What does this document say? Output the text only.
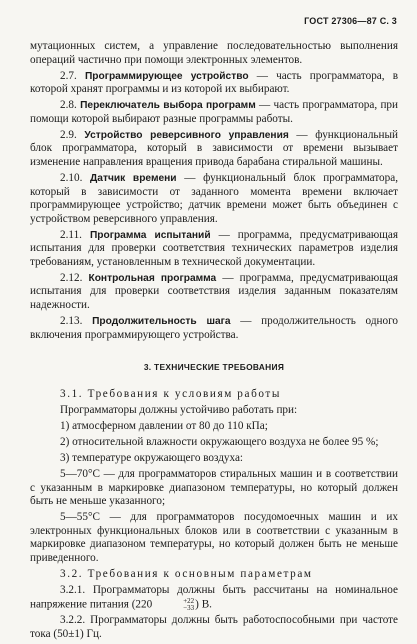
ГОСТ 27306—87 С. 3

мутационных систем, а управление последовательностью выполнения операций частично при помощи электронных элементов.

2.7. Программирующее устройство — часть программатора, в которой хранят программы и из которой их выбирают.

2.8. Переключатель выбора программ — часть программатора, при помощи которой выбирают разные программы работы.

2.9. Устройство реверсивного управления — функциональный блок программатора, который в зависимости от времени вызывает изменение направления вращения привода барабана стиральной машины.

2.10. Датчик времени — функциональный блок программатора, который в зависимости от заданного момента времени включает программирующее устройство; датчик времени может быть объединен с устройством реверсивного управления.

2.11. Программа испытаний — программа, предусматривающая испытания для проверки соответствия технических параметров изделия требованиям, установленным в технической документации.

2.12. Контрольная программа — программа, предусматривающая испытания для проверки соответствия изделия заданным показателям надежности.

2.13. Продолжительность шага — продолжительность одного включения программирующего устройства.

3. ТЕХНИЧЕСКИЕ ТРЕБОВАНИЯ

3.1. Требования к условиям работы

Программаторы должны устойчиво работать при:

1) атмосферном давлении от 80 до 110 кПа;

2) относительной влажности окружающего воздуха не более 95 %;

3) температуре окружающего воздуха:

5—70°С — для программаторов стиральных машин и в соответствии с указанным в маркировке диапазоном температуры, но который должен быть не меньше указанного;

5—55°С — для программаторов посудомоечных машин и их электронных функциональных блоков или в соответствии с указанным в маркировке диапазоном температуры, но который должен быть не меньше приведенного.

3.2. Требования к основным параметрам

3.2.1. Программаторы должны быть рассчитаны на номинальное напряжение питания (220	+22
−33 ) В.

3.2.2. Программаторы должны быть работоспособными при частоте тока (50±1) Гц.
